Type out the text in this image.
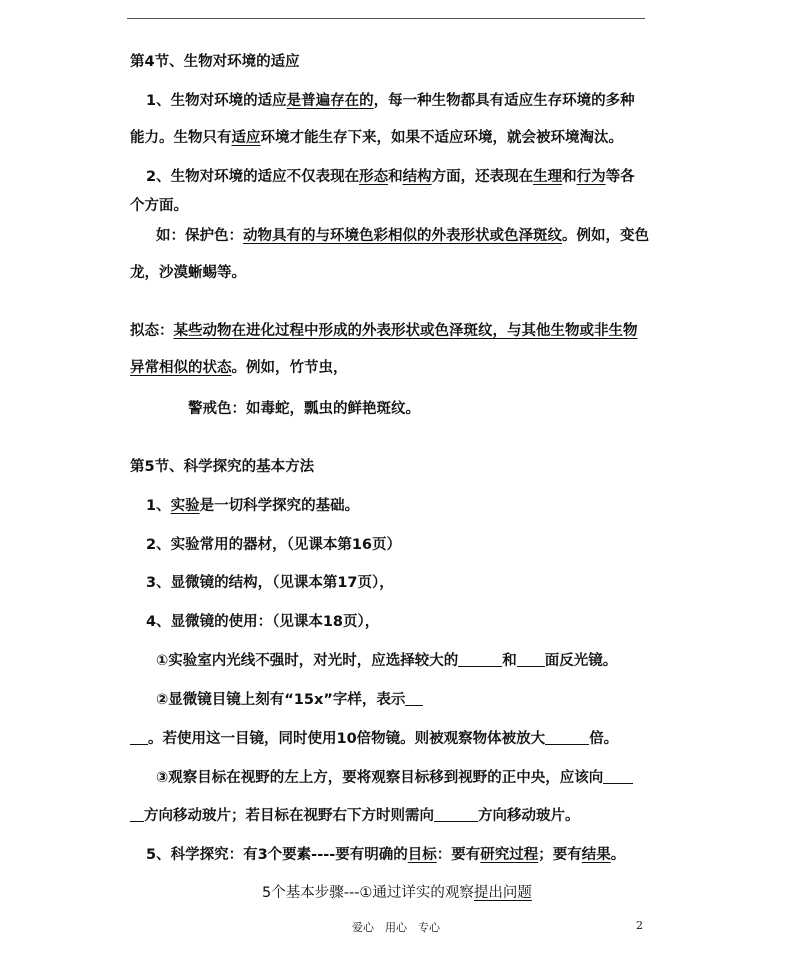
第4节、生物对环境的适应
1、生物对环境的适应是普遍存在的，每一种生物都具有适应生存环境的多种
能力。生物只有适应环境才能生存下来，如果不适应环境，就会被环境淘汰。
2、生物对环境的适应不仅表现在形态和结构方面，还表现在生理和行为等各
个方面。
如：保护色：动物具有的与环境色彩相似的外表形状或色泽斑纹。例如，变色
龙，沙漠蜥蜴等。
拟态：某些动物在进化过程中形成的外表形状或色泽斑纹，与其他生物或非生物
异常相似的状态。例如，竹节虫，
警戒色：如毒蛇，瓢虫的鲜艳斑纹。
第5节、科学探究的基本方法
1、实验是一切科学探究的基础。
2、实验常用的器材，（见课本第16页）
3、显微镜的结构，（见课本第17页），
4、显微镜的使用：（见课本18页），
①实验室内光线不强时，对光时，应选择较大的	和 面反光镜。
②显微镜目镜上刻有“15x”字样，表示
。若使用这一目镜，同时使用10倍物镜。则被观察物体被放大	倍。
③观察目标在视野的左上方，要将观察目标移到视野的正中央，应该向
方向移动玻片；若目标在视野右下方时则需向	方向移动玻片。
5、科学探究：有3个要素----要有明确的目标：要有研究过程；要有结果。
5个基本步骤---①通过详实的观察提出问题
爱心　用心　专心	2
